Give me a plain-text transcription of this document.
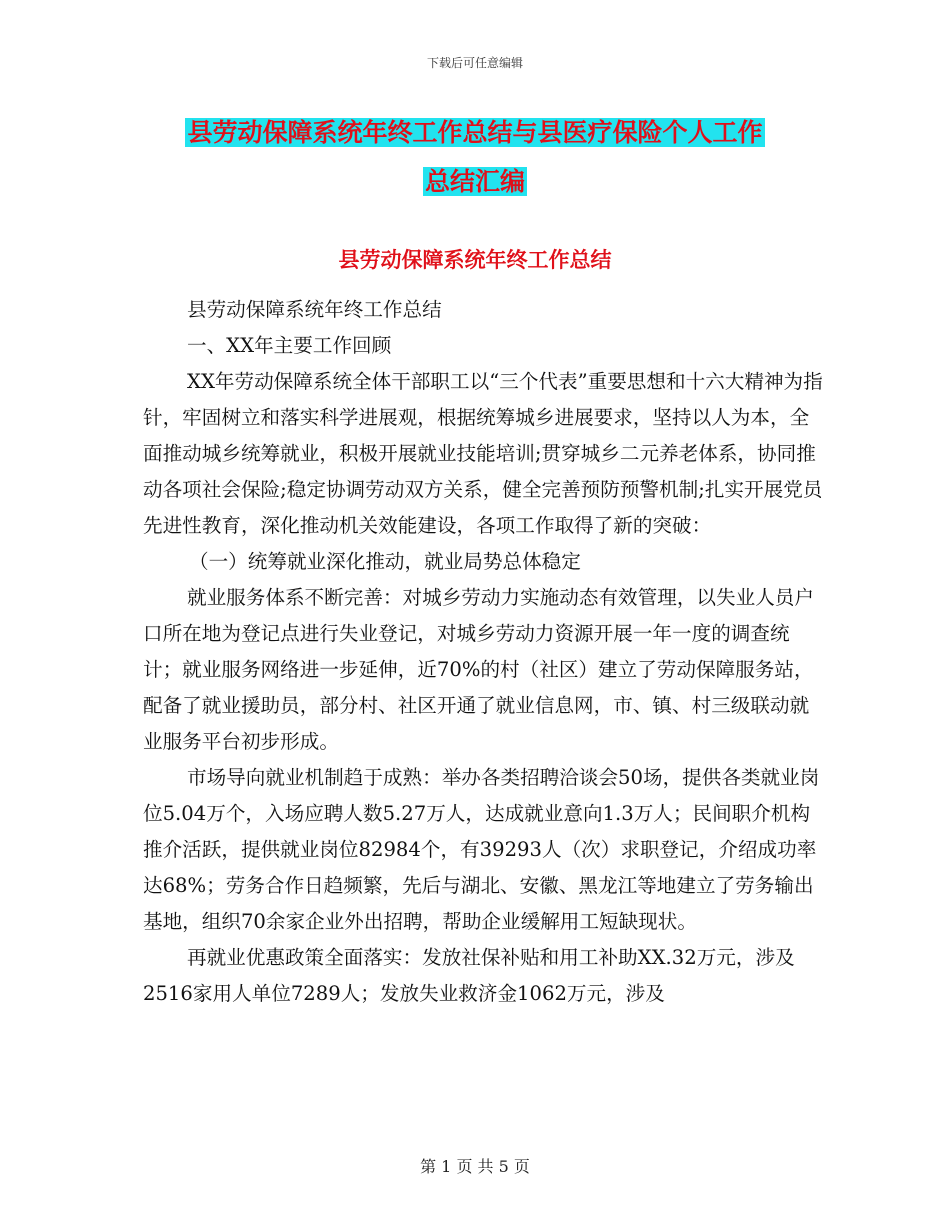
下载后可任意编辑
县劳动保障系统年终工作总结与县医疗保险个人工作
总结汇编
县劳动保障系统年终工作总结

县劳动保障系统年终工作总结

一、XX年主要工作回顾

XX年劳动保障系统全体干部职工以“三个代表”重要思想和十六大精神为指针，牢固树立和落实科学进展观，根据统筹城乡进展要求，坚持以人为本，全面推动城乡统筹就业，积极开展就业技能培训;贯穿城乡二元养老体系，协同推动各项社会保险;稳定协调劳动双方关系，健全完善预防预警机制;扎实开展党员先进性教育，深化推动机关效能建设，各项工作取得了新的突破：

（一）统筹就业深化推动，就业局势总体稳定

就业服务体系不断完善：对城乡劳动力实施动态有效管理，以失业人员户口所在地为登记点进行失业登记，对城乡劳动力资源开展一年一度的调查统计；就业服务网络进一步延伸，近70%的村（社区）建立了劳动保障服务站，配备了就业援助员，部分村、社区开通了就业信息网，市、镇、村三级联动就业服务平台初步形成。

市场导向就业机制趋于成熟：举办各类招聘洽谈会50场，提供各类就业岗位5.04万个，入场应聘人数5.27万人，达成就业意向1.3万人；民间职介机构推介活跃，提供就业岗位82984个，有39293人（次）求职登记，介绍成功率达68%；劳务合作日趋频繁，先后与湖北、安徽、黑龙江等地建立了劳务输出基地，组织70余家企业外出招聘，帮助企业缓解用工短缺现状。

再就业优惠政策全面落实：发放社保补贴和用工补助XX.32万元，涉及2516家用人单位7289人；发放失业救济金1062万元，涉及

第 1 页 共 5 页
